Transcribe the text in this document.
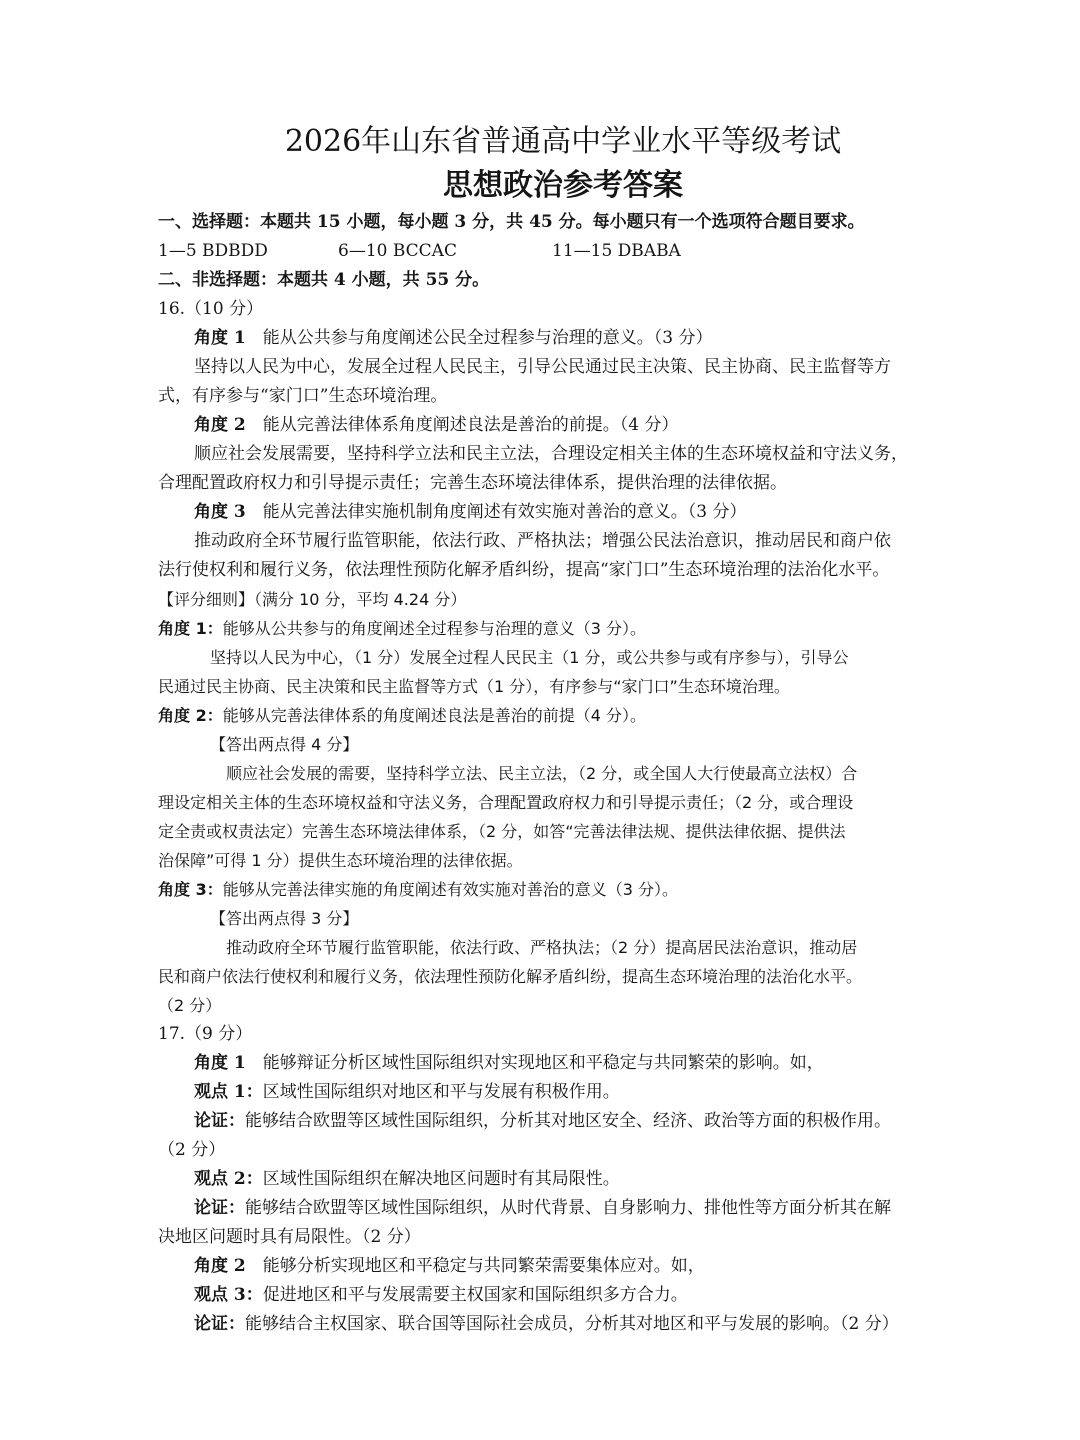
2026年山东省普通高中学业水平等级考试
思想政治参考答案
一、选择题：本题共 15 小题，每小题 3 分，共 45 分。每小题只有一个选项符合题目要求。
1—5 BDBDD	6—10 BCCAC	11—15 DBABA
二、非选择题：本题共 4 小题，共 55 分。
16.（10 分）
角度 1　 能从公共参与角度阐述公民全过程参与治理的意义。（3 分）
坚持以人民为中心，发展全过程人民民主，引导公民通过民主决策、民主协商、民主监督等方
式，有序参与“家门口”生态环境治理。
角度 2　 能从完善法律体系角度阐述良法是善治的前提。（4 分）
顺应社会发展需要，坚持科学立法和民主立法，合理设定相关主体的生态环境权益和守法义务，
合理配置政府权力和引导提示责任；完善生态环境法律体系，提供治理的法律依据。
角度 3　 能从完善法律实施机制角度阐述有效实施对善治的意义。（3 分）
推动政府全环节履行监管职能，依法行政、严格执法；增强公民法治意识，推动居民和商户依
法行使权利和履行义务，依法理性预防化解矛盾纠纷，提高“家门口”生态环境治理的法治化水平。
【评分细则】（满分 10 分，平均 4.24 分）
角度 1：能够从公共参与的角度阐述全过程参与治理的意义（3 分）。
坚持以人民为中心，（1 分）发展全过程人民民主（1 分，或公共参与或有序参与），引导公
民通过民主协商、民主决策和民主监督等方式（1 分），有序参与“家门口”生态环境治理。
角度 2：能够从完善法律体系的角度阐述良法是善治的前提（4 分）。
【答出两点得 4 分】
顺应社会发展的需要，坚持科学立法、民主立法，（2 分，或全国人大行使最高立法权）合
理设定相关主体的生态环境权益和守法义务，合理配置政府权力和引导提示责任；（2 分，或合理设
定全责或权责法定）完善生态环境法律体系，（2 分，如答“完善法律法规、提供法律依据、提供法
治保障”可得 1 分）提供生态环境治理的法律依据。
角度 3：能够从完善法律实施的角度阐述有效实施对善治的意义（3 分）。
【答出两点得 3 分】
推动政府全环节履行监管职能，依法行政、严格执法；（2 分）提高居民法治意识，推动居
民和商户依法行使权利和履行义务，依法理性预防化解矛盾纠纷，提高生态环境治理的法治化水平。
（2 分）
17.（9 分）
角度 1　 能够辩证分析区域性国际组织对实现地区和平稳定与共同繁荣的影响。如，
观点 1：区域性国际组织对地区和平与发展有积极作用。
论证：能够结合欧盟等区域性国际组织，分析其对地区安全、经济、政治等方面的积极作用。
（2 分）
观点 2：区域性国际组织在解决地区问题时有其局限性。
论证：能够结合欧盟等区域性国际组织，从时代背景、自身影响力、排他性等方面分析其在解
决地区问题时具有局限性。（2 分）
角度 2　 能够分析实现地区和平稳定与共同繁荣需要集体应对。如，
观点 3：促进地区和平与发展需要主权国家和国际组织多方合力。
论证：能够结合主权国家、联合国等国际社会成员，分析其对地区和平与发展的影响。（2 分）
